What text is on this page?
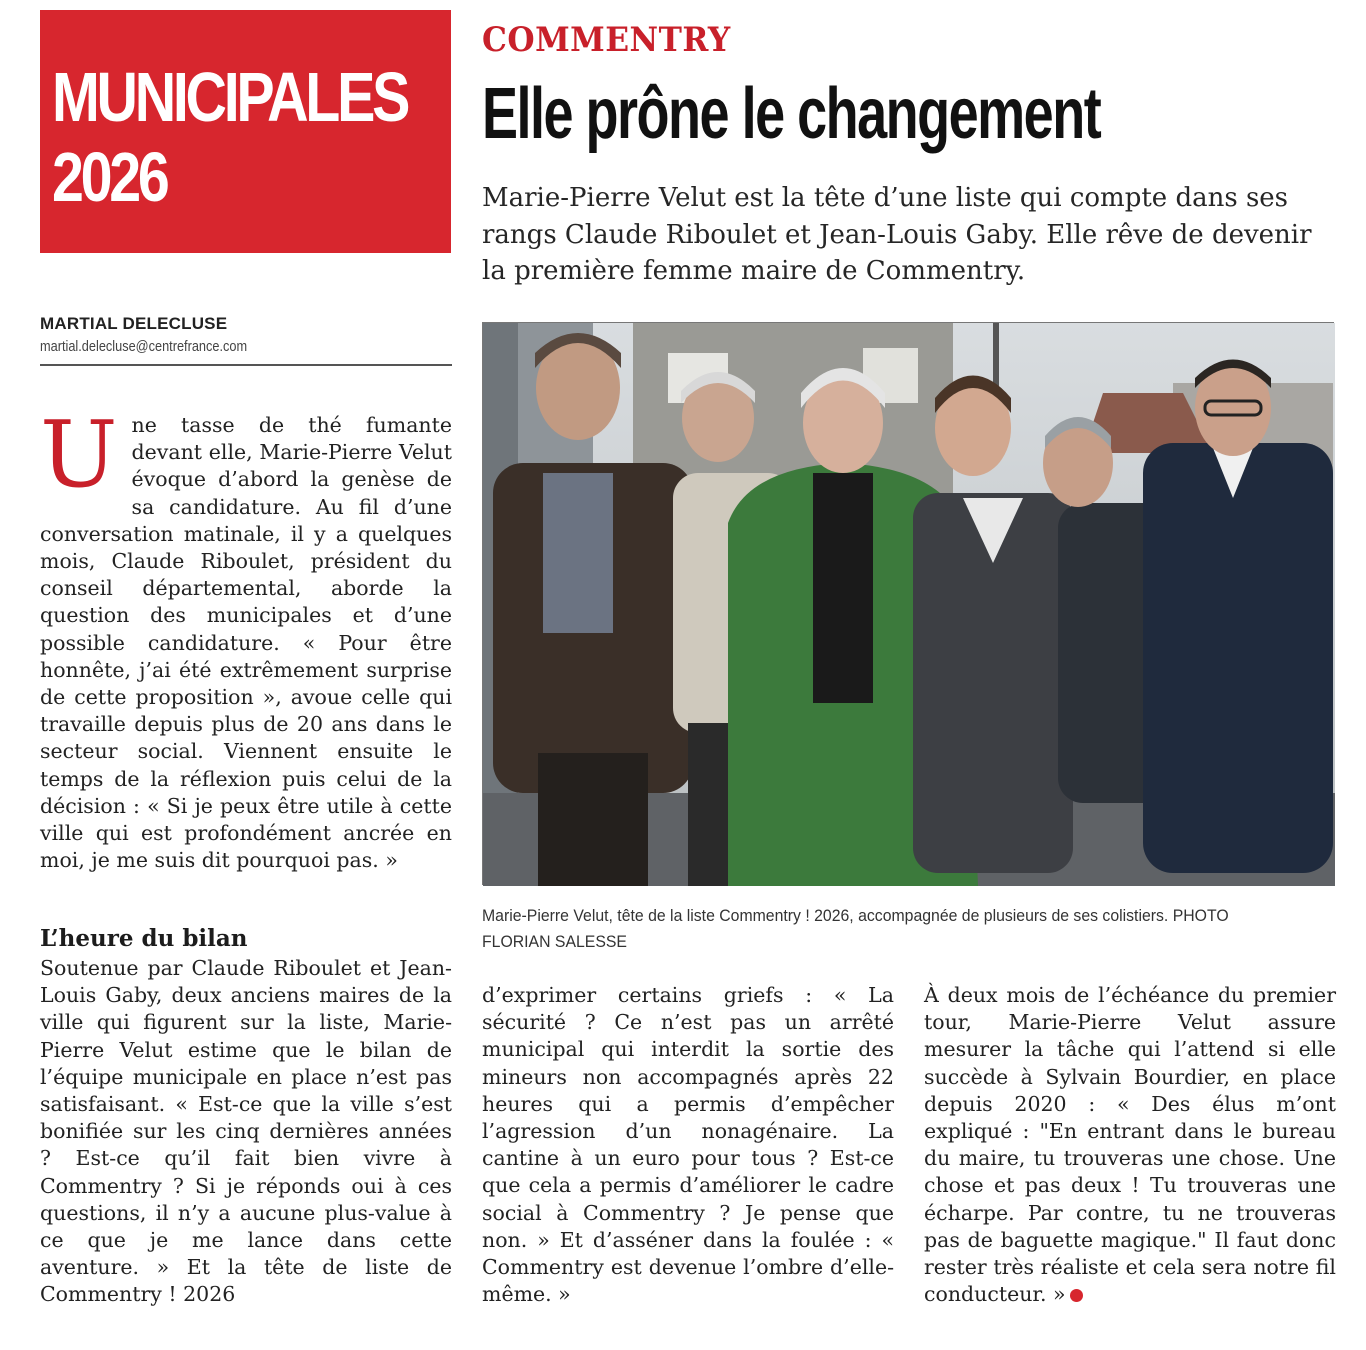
MUNICIPALES
2026
COMMENTRY
Elle prône le changement

Marie-Pierre Velut est la tête d’une liste qui compte dans ses rangs Claude Riboulet et Jean-Louis Gaby. Elle rêve de devenir la première femme maire de Commentry.

MARTIAL DELECLUSE
martial.delecluse@centrefrance.com

Une tasse de thé fumante devant elle, Marie-Pierre Velut évoque d’abord la genèse de sa candidature. Au fil d’une conversation matinale, il y a quelques mois, Claude Riboulet, président du conseil départemental, aborde la question des municipales et d’une possible candidature. « Pour être honnête, j’ai été extrêmement surprise de cette proposition », avoue celle qui travaille depuis plus de 20 ans dans le secteur social. Viennent ensuite le temps de la réflexion puis celui de la décision : « Si je peux être utile à cette ville qui est profondément ancrée en moi, je me suis dit pourquoi pas. »

L’heure du bilan

Soutenue par Claude Riboulet et Jean-Louis Gaby, deux anciens maires de la ville qui figurent sur la liste, Marie-Pierre Velut estime que le bilan de l’équipe municipale en place n’est pas satisfaisant. « Est-ce que la ville s’est bonifiée sur les cinq dernières années ? Est-ce qu’il fait bien vivre à Commentry ? Si je réponds oui à ces questions, il n’y a aucune plus-value à ce que je me lance dans cette aventure. » Et la tête de liste de Commentry ! 2026

Marie-Pierre Velut, tête de la liste Commentry ! 2026, accompagnée de plusieurs de ses colistiers. PHOTO FLORIAN SALESSE

d’exprimer certains griefs : « La sécurité ? Ce n’est pas un arrêté municipal qui interdit la sortie des mineurs non accompagnés après 22 heures qui a permis d’empêcher l’agression d’un nonagénaire. La cantine à un euro pour tous ? Est-ce que cela a permis d’améliorer le cadre social à Commentry ? Je pense que non. » Et d’asséner dans la foulée : « Commentry est devenue l’ombre d’elle-même. »

À deux mois de l’échéance du premier tour, Marie-Pierre Velut assure mesurer la tâche qui l’attend si elle succède à Sylvain Bourdier, en place depuis 2020 : « Des élus m’ont expliqué : "En entrant dans le bureau du maire, tu trouveras une chose. Une chose et pas deux ! Tu trouveras une écharpe. Par contre, tu ne trouveras pas de baguette magique." Il faut donc rester très réaliste et cela sera notre fil conducteur. »
